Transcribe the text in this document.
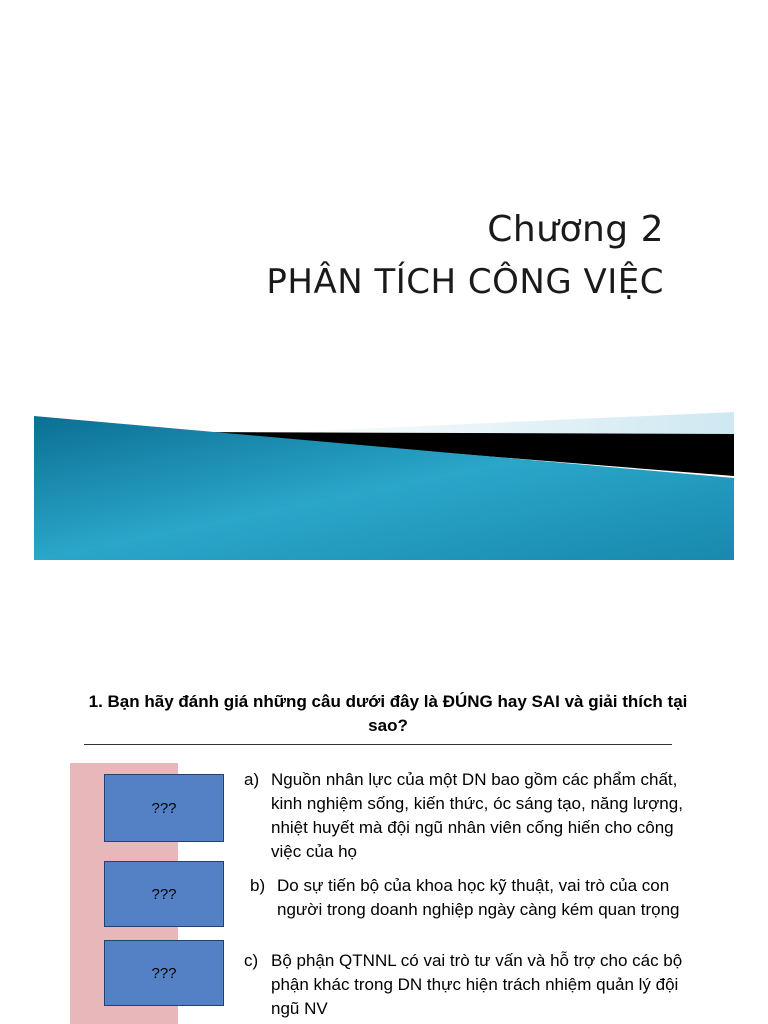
Chương 2
PHÂN TÍCH CÔNG VIỆC
1. Bạn hãy đánh giá những câu dưới đây là ĐÚNG hay SAI và giải thích tại sao?
???
???
???
a) Nguồn nhân lực của một DN bao gồm các phẩm chất, kinh nghiệm sống, kiến thức, óc sáng tạo, năng lượng, nhiệt huyết mà đội ngũ nhân viên cống hiến cho công việc của họ
b) Do sự tiến bộ của khoa học kỹ thuật, vai trò của con người trong doanh nghiệp ngày càng kém quan trọng
c) Bộ phận QTNNL có vai trò tư vấn và hỗ trợ cho các bộ phận khác trong DN thực hiện trách nhiệm quản lý đội ngũ NV
